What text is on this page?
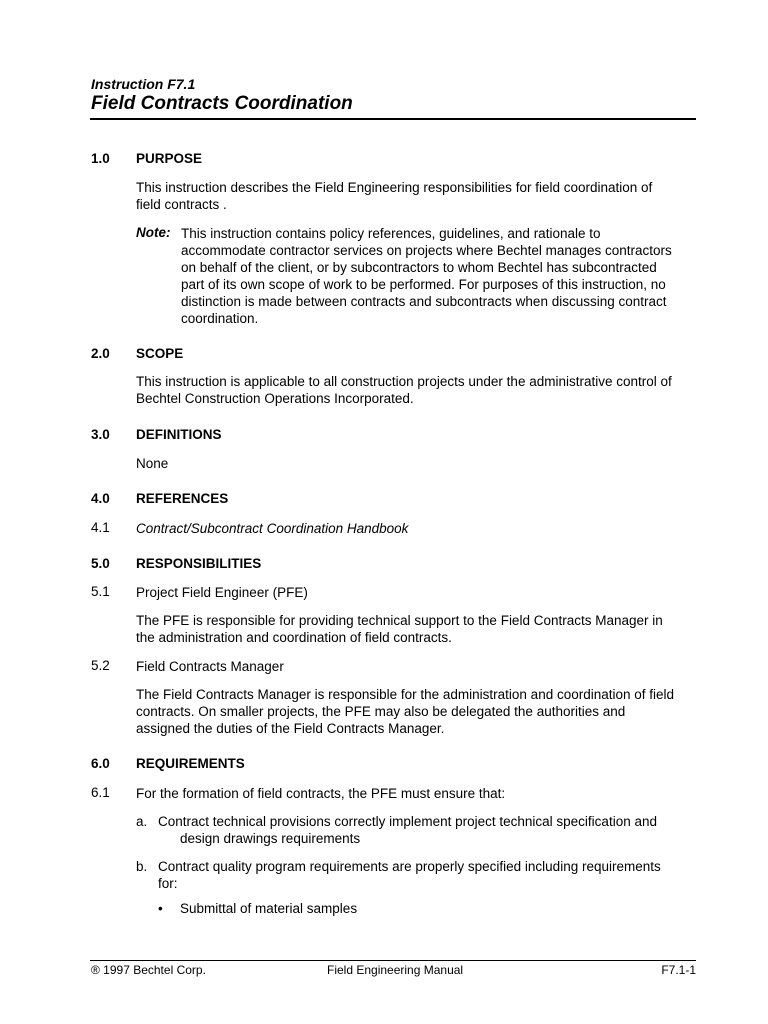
Instruction F7.1
Field Contracts Coordination
1.0 PURPOSE
This instruction describes the Field Engineering responsibilities for field coordination of
field contracts .
Note: This instruction contains policy references, guidelines, and rationale to
accommodate contractor services on projects where Bechtel manages contractors
on behalf of the client, or by subcontractors to whom Bechtel has subcontracted
part of its own scope of work to be performed. For purposes of this instruction, no
distinction is made between contracts and subcontracts when discussing contract
coordination.
2.0 SCOPE
This instruction is applicable to all construction projects under the administrative control of
Bechtel Construction Operations Incorporated.
3.0 DEFINITIONS
None
4.0 REFERENCES
4.1 Contract/Subcontract Coordination Handbook
5.0 RESPONSIBILITIES
5.1 Project Field Engineer (PFE)
The PFE is responsible for providing technical support to the Field Contracts Manager in
the administration and coordination of field contracts.
5.2 Field Contracts Manager
The Field Contracts Manager is responsible for the administration and coordination of field
contracts. On smaller projects, the PFE may also be delegated the authorities and
assigned the duties of the Field Contracts Manager.
6.0 REQUIREMENTS
6.1 For the formation of field contracts, the PFE must ensure that:
a. Contract technical provisions correctly implement project technical specification and
design drawings requirements
b. Contract quality program requirements are properly specified including requirements
for:
• Submittal of material samples
® 1997 Bechtel Corp.	Field Engineering Manual	F7.1-1
